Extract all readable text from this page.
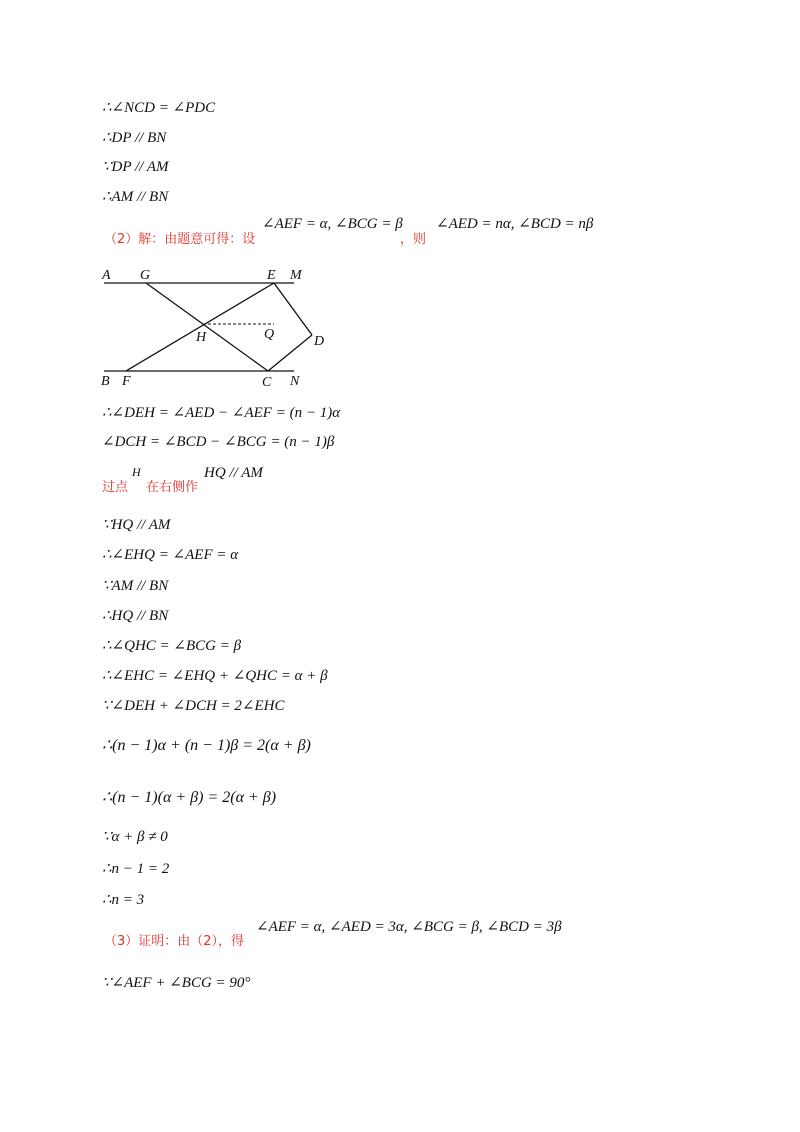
∴∠NCD = ∠PDC
∴DP // BN
∵DP // AM
∴AM // BN
（2）解：由题意可得：设
∠AEF = α, ∠BCG = β
，则
∠AED = nα, ∠BCD = nβ
A G	E M
H	Q	D
B F	C N
∴∠DEH = ∠AED − ∠AEF = (n − 1)α
∠DCH = ∠BCD − ∠BCG = (n − 1)β
过点
H
在右侧作
HQ // AM
∵HQ // AM
∴∠EHQ = ∠AEF = α
∵AM // BN
∴HQ // BN
∴∠QHC = ∠BCG = β
∴∠EHC = ∠EHQ + ∠QHC = α + β
∵∠DEH + ∠DCH = 2∠EHC
∴(n − 1)α + (n − 1)β = 2(α + β)
∴(n − 1)(α + β) = 2(α + β)
∵α + β ≠ 0
∴n − 1 = 2
∴n = 3
（3）证明：由（2），得
∠AEF = α, ∠AED = 3α, ∠BCG = β, ∠BCD = 3β
∵∠AEF + ∠BCG = 90°
